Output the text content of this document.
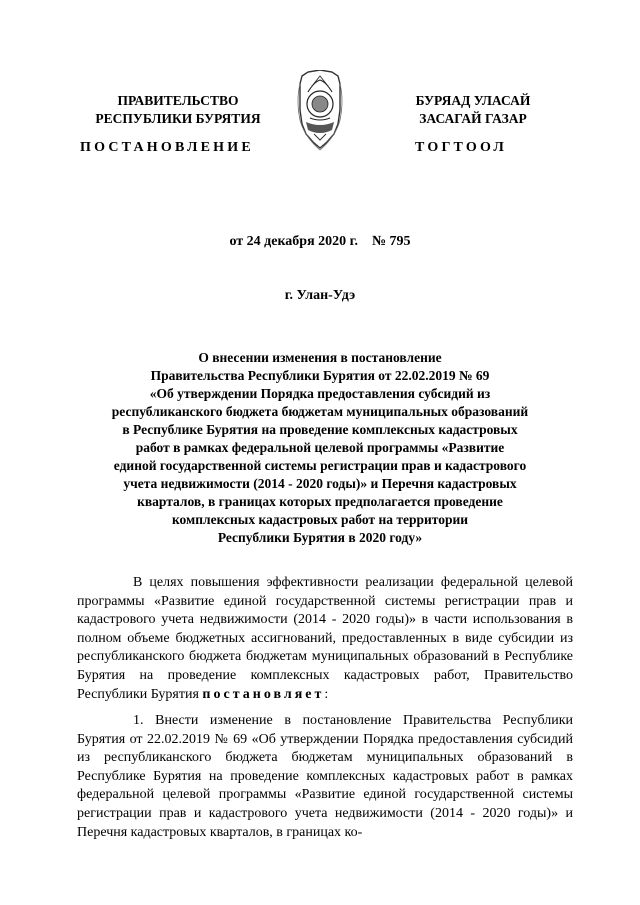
ПРАВИТЕЛЬСТВО
РЕСПУБЛИКИ БУРЯТИЯ
БУРЯАД УЛАСАЙ
ЗАСАГАЙ ГАЗАР
ПОСТАНОВЛЕНИЕ	ТОГТООЛ
от 24 декабря 2020 г.    № 795
г. Улан-Удэ
О внесении изменения в постановление
Правительства Республики Бурятия от 22.02.2019 № 69
«Об утверждении Порядка предоставления субсидий из
республиканского бюджета бюджетам муниципальных образований
в Республике Бурятия на проведение комплексных кадастровых
работ в рамках федеральной целевой программы «Развитие
единой государственной системы регистрации прав и кадастрового
учета недвижимости (2014 - 2020 годы)» и Перечня кадастровых
кварталов, в границах которых предполагается проведение
комплексных кадастровых работ на территории
Республики Бурятия в 2020 году»
В целях повышения эффективности реализации федеральной целевой программы «Развитие единой государственной системы регистрации прав и кадастрового учета недвижимости (2014 - 2020 годы)» в части использования в полном объеме бюджетных ассигнований, предоставленных в виде субсидии из республиканского бюджета бюджетам муниципальных образований в Республике Бурятия на проведение комплексных кадастровых работ, Правительство Республики Бурятия постановляет:
1. Внести изменение в постановление Правительства Республики Бурятия от 22.02.2019 № 69 «Об утверждении Порядка предоставления субсидий из республиканского бюджета бюджетам муниципальных образований в Республике Бурятия на проведение комплексных кадастровых работ в рамках федеральной целевой программы «Развитие единой государственной системы регистрации прав и кадастрового учета недвижимости (2014 - 2020 годы)» и Перечня кадастровых кварталов, в границах ко-
